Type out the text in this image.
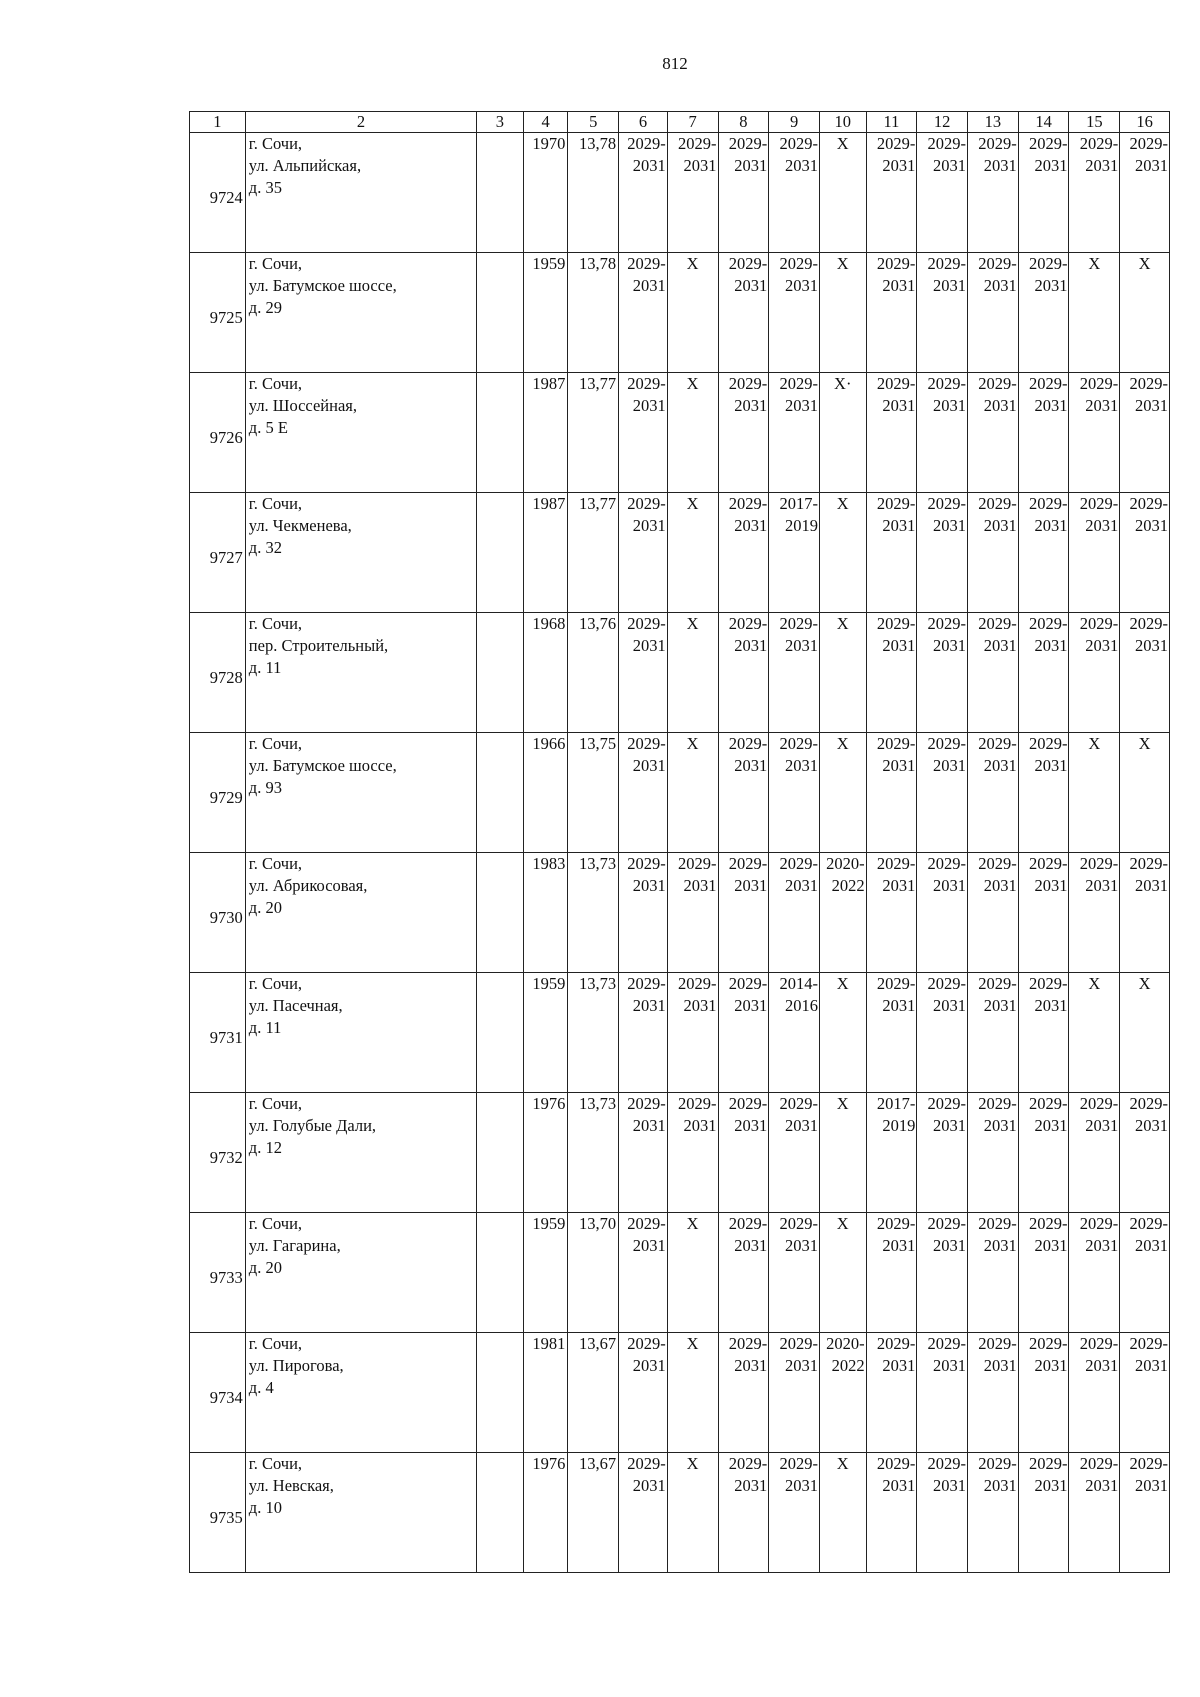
812
1	2	3	4	5	6	7	8	9	10	11	12	13	14	15	16
9724	г. Сочи,
ул. Альпийская,
д. 35		1970	13,78	2029-
2031	2029-
2031	2029-
2031	2029-
2031	X	2029-
2031	2029-
2031	2029-
2031	2029-
2031	2029-
2031	2029-
2031
9725	г. Сочи,
ул. Батумское шоссе,
д. 29		1959	13,78	2029-
2031	X	2029-
2031	2029-
2031	X	2029-
2031	2029-
2031	2029-
2031	2029-
2031	X	X
9726	г. Сочи,
ул. Шоссейная,
д. 5 Е		1987	13,77	2029-
2031	X	2029-
2031	2029-
2031	X·	2029-
2031	2029-
2031	2029-
2031	2029-
2031	2029-
2031	2029-
2031
9727	г. Сочи,
ул. Чекменева,
д. 32		1987	13,77	2029-
2031	X	2029-
2031	2017-
2019	X	2029-
2031	2029-
2031	2029-
2031	2029-
2031	2029-
2031	2029-
2031
9728	г. Сочи,
пер. Строительный,
д. 11		1968	13,76	2029-
2031	X	2029-
2031	2029-
2031	X	2029-
2031	2029-
2031	2029-
2031	2029-
2031	2029-
2031	2029-
2031
9729	г. Сочи,
ул. Батумское шоссе,
д. 93		1966	13,75	2029-
2031	X	2029-
2031	2029-
2031	X	2029-
2031	2029-
2031	2029-
2031	2029-
2031	X	X
9730	г. Сочи,
ул. Абрикосовая,
д. 20		1983	13,73	2029-
2031	2029-
2031	2029-
2031	2029-
2031	2020-
2022	2029-
2031	2029-
2031	2029-
2031	2029-
2031	2029-
2031	2029-
2031
9731	г. Сочи,
ул. Пасечная,
д. 11		1959	13,73	2029-
2031	2029-
2031	2029-
2031	2014-
2016	X	2029-
2031	2029-
2031	2029-
2031	2029-
2031	X	X
9732	г. Сочи,
ул. Голубые Дали,
д. 12		1976	13,73	2029-
2031	2029-
2031	2029-
2031	2029-
2031	X	2017-
2019	2029-
2031	2029-
2031	2029-
2031	2029-
2031	2029-
2031
9733	г. Сочи,
ул. Гагарина,
д. 20		1959	13,70	2029-
2031	X	2029-
2031	2029-
2031	X	2029-
2031	2029-
2031	2029-
2031	2029-
2031	2029-
2031	2029-
2031
9734	г. Сочи,
ул. Пирогова,
д. 4		1981	13,67	2029-
2031	X	2029-
2031	2029-
2031	2020-
2022	2029-
2031	2029-
2031	2029-
2031	2029-
2031	2029-
2031	2029-
2031
9735	г. Сочи,
ул. Невская,
д. 10		1976	13,67	2029-
2031	X	2029-
2031	2029-
2031	X	2029-
2031	2029-
2031	2029-
2031	2029-
2031	2029-
2031	2029-
2031
